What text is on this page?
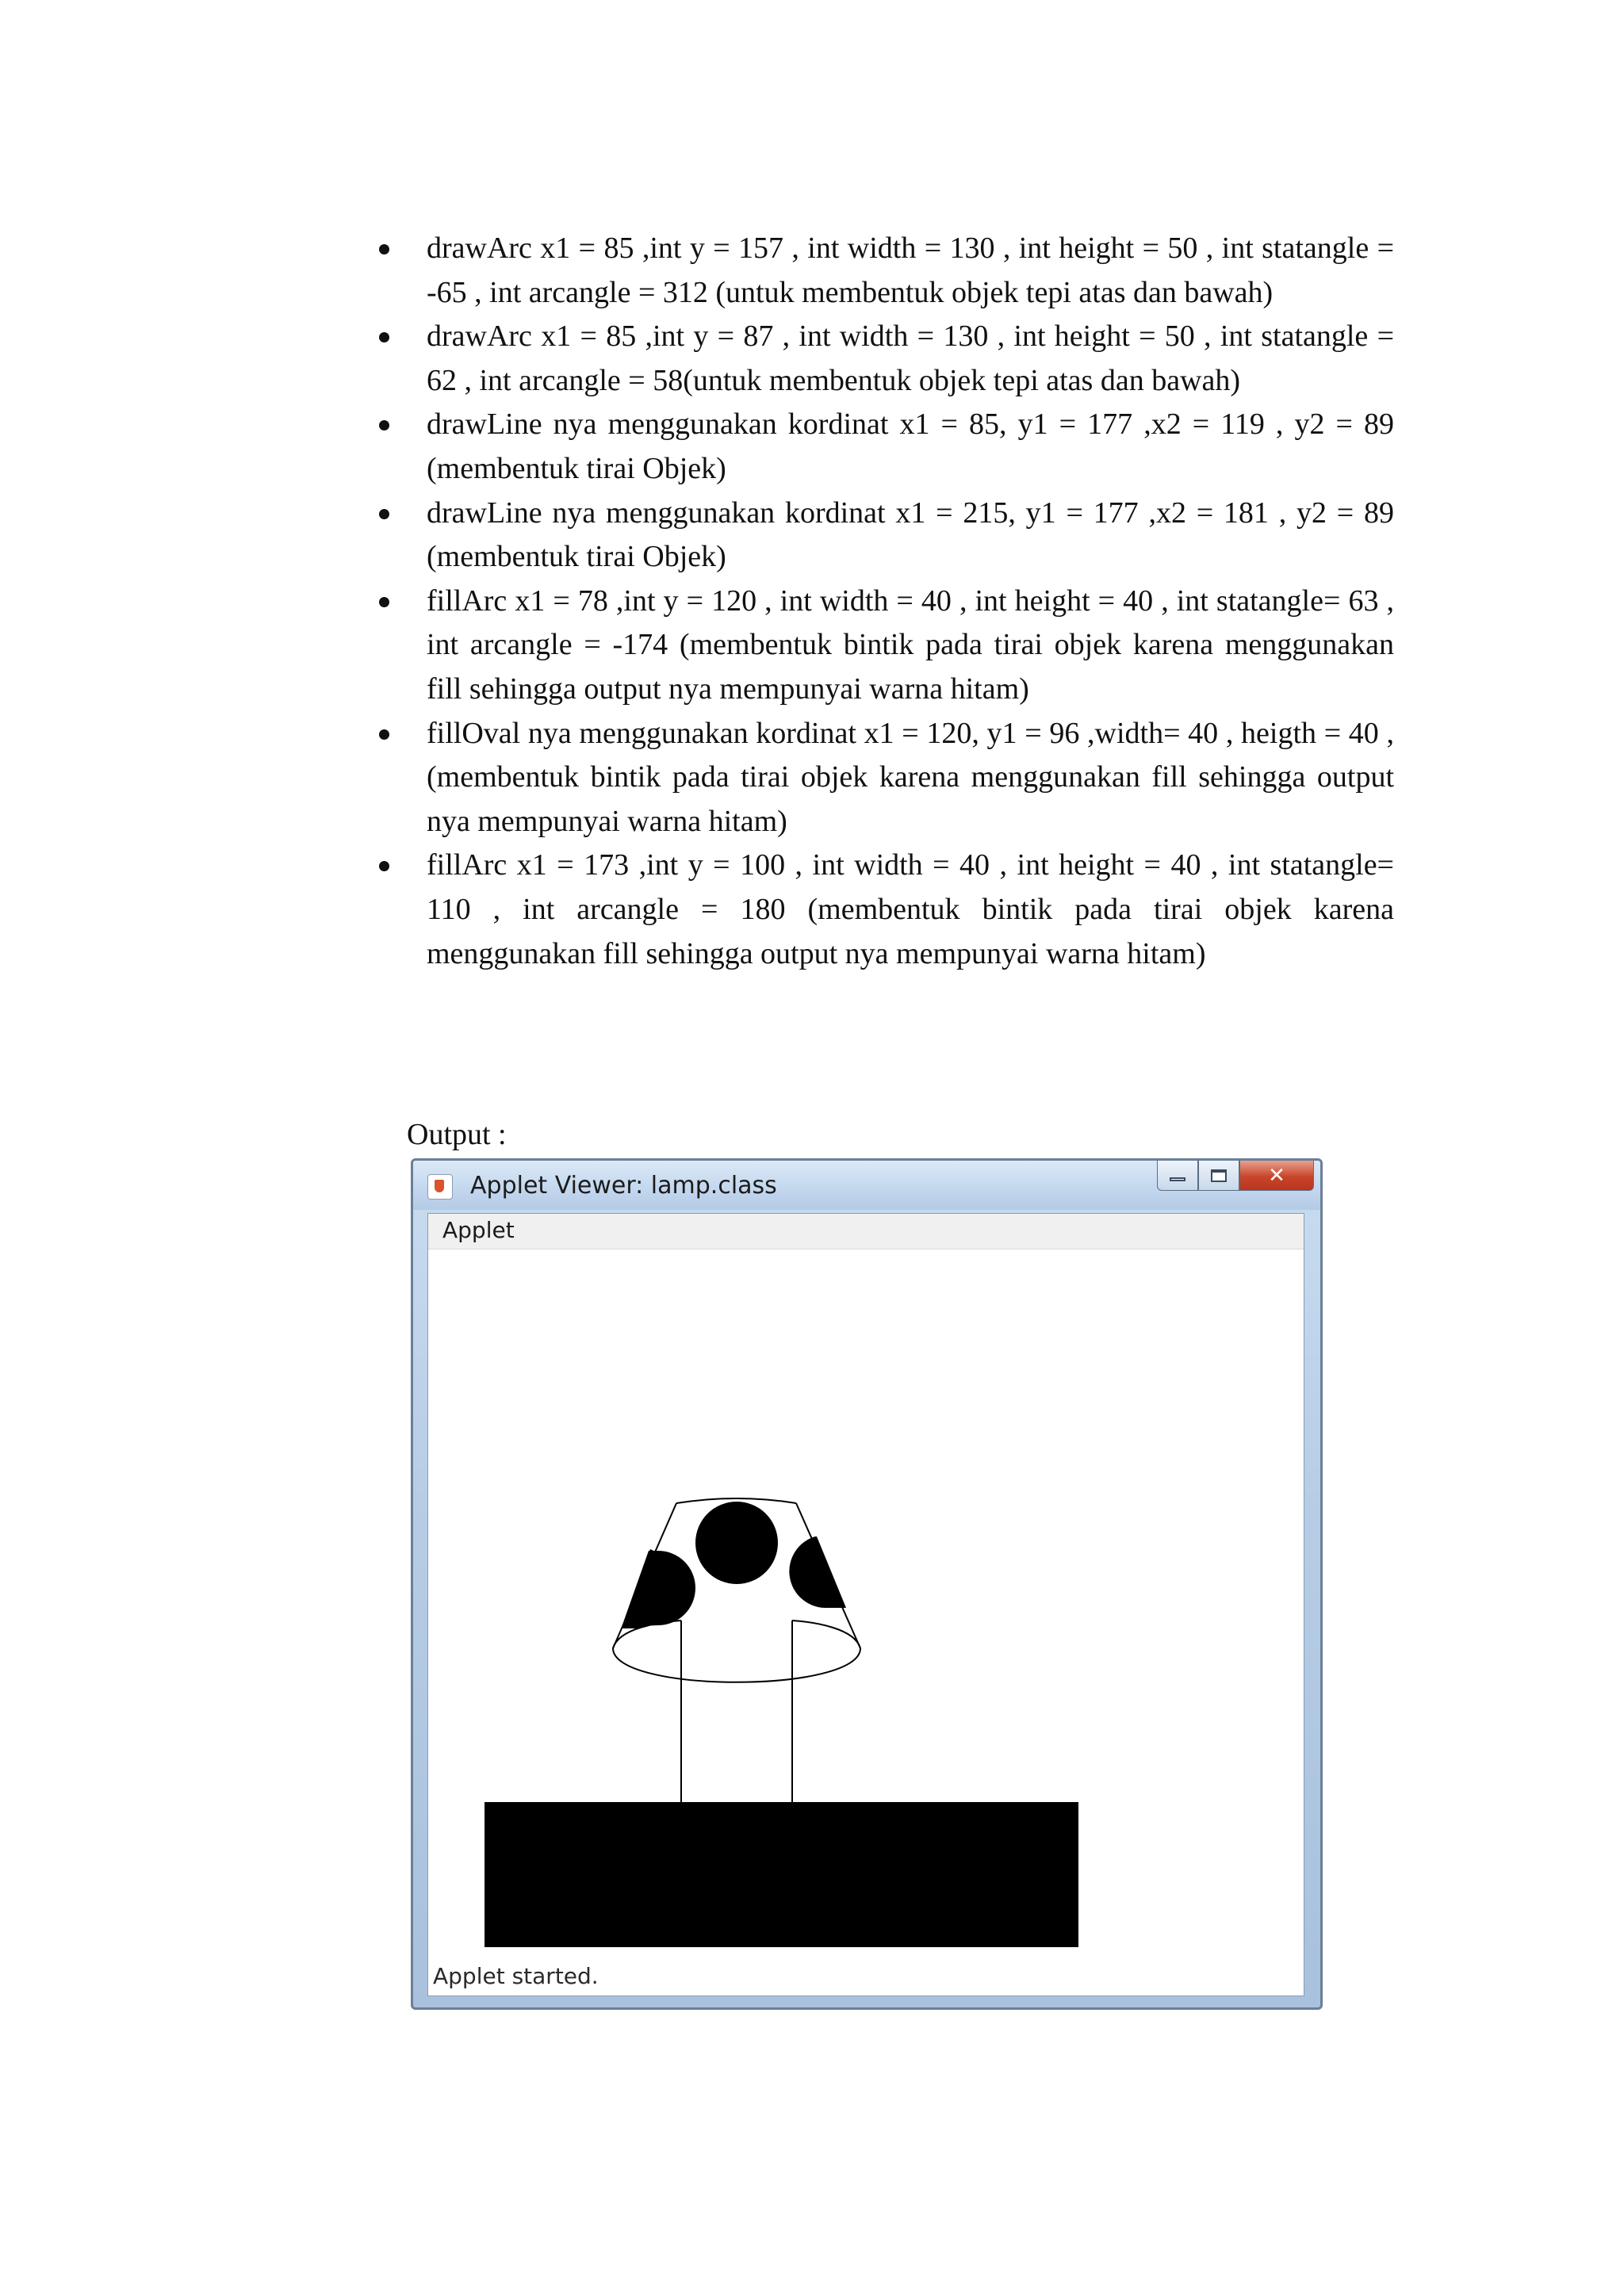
drawArc x1 = 85 ,int y = 157 , int width = 130 , int height = 50 , int statangle = -65 , int arcangle = 312 (untuk membentuk objek tepi atas dan bawah)
drawArc x1 = 85 ,int y = 87 , int width = 130 , int height = 50 , int statangle = 62 , int arcangle = 58(untuk membentuk objek tepi atas dan bawah)
drawLine nya menggunakan kordinat x1 = 85, y1 = 177 ,x2 = 119 , y2 = 89 (membentuk tirai Objek)
drawLine nya menggunakan kordinat x1 = 215, y1 = 177 ,x2 = 181 , y2 = 89 (membentuk tirai Objek)
fillArc x1 = 78 ,int y = 120 , int width = 40 , int height = 40 , int statangle= 63 , int arcangle = -174 (membentuk bintik pada tirai objek karena menggunakan fill sehingga output nya mempunyai warna hitam)
fillOval nya menggunakan kordinat x1 = 120, y1 = 96 ,width= 40 , heigth = 40 , (membentuk bintik pada tirai objek karena menggunakan fill sehingga output nya mempunyai warna hitam)
fillArc x1 = 173 ,int y = 100 , int width = 40 , int height = 40 , int statangle= 110 , int arcangle = 180 (membentuk bintik pada tirai objek karena menggunakan fill sehingga output nya mempunyai warna hitam)
Output :
Applet Viewer: lamp.class	✕
Applet
Applet started.
